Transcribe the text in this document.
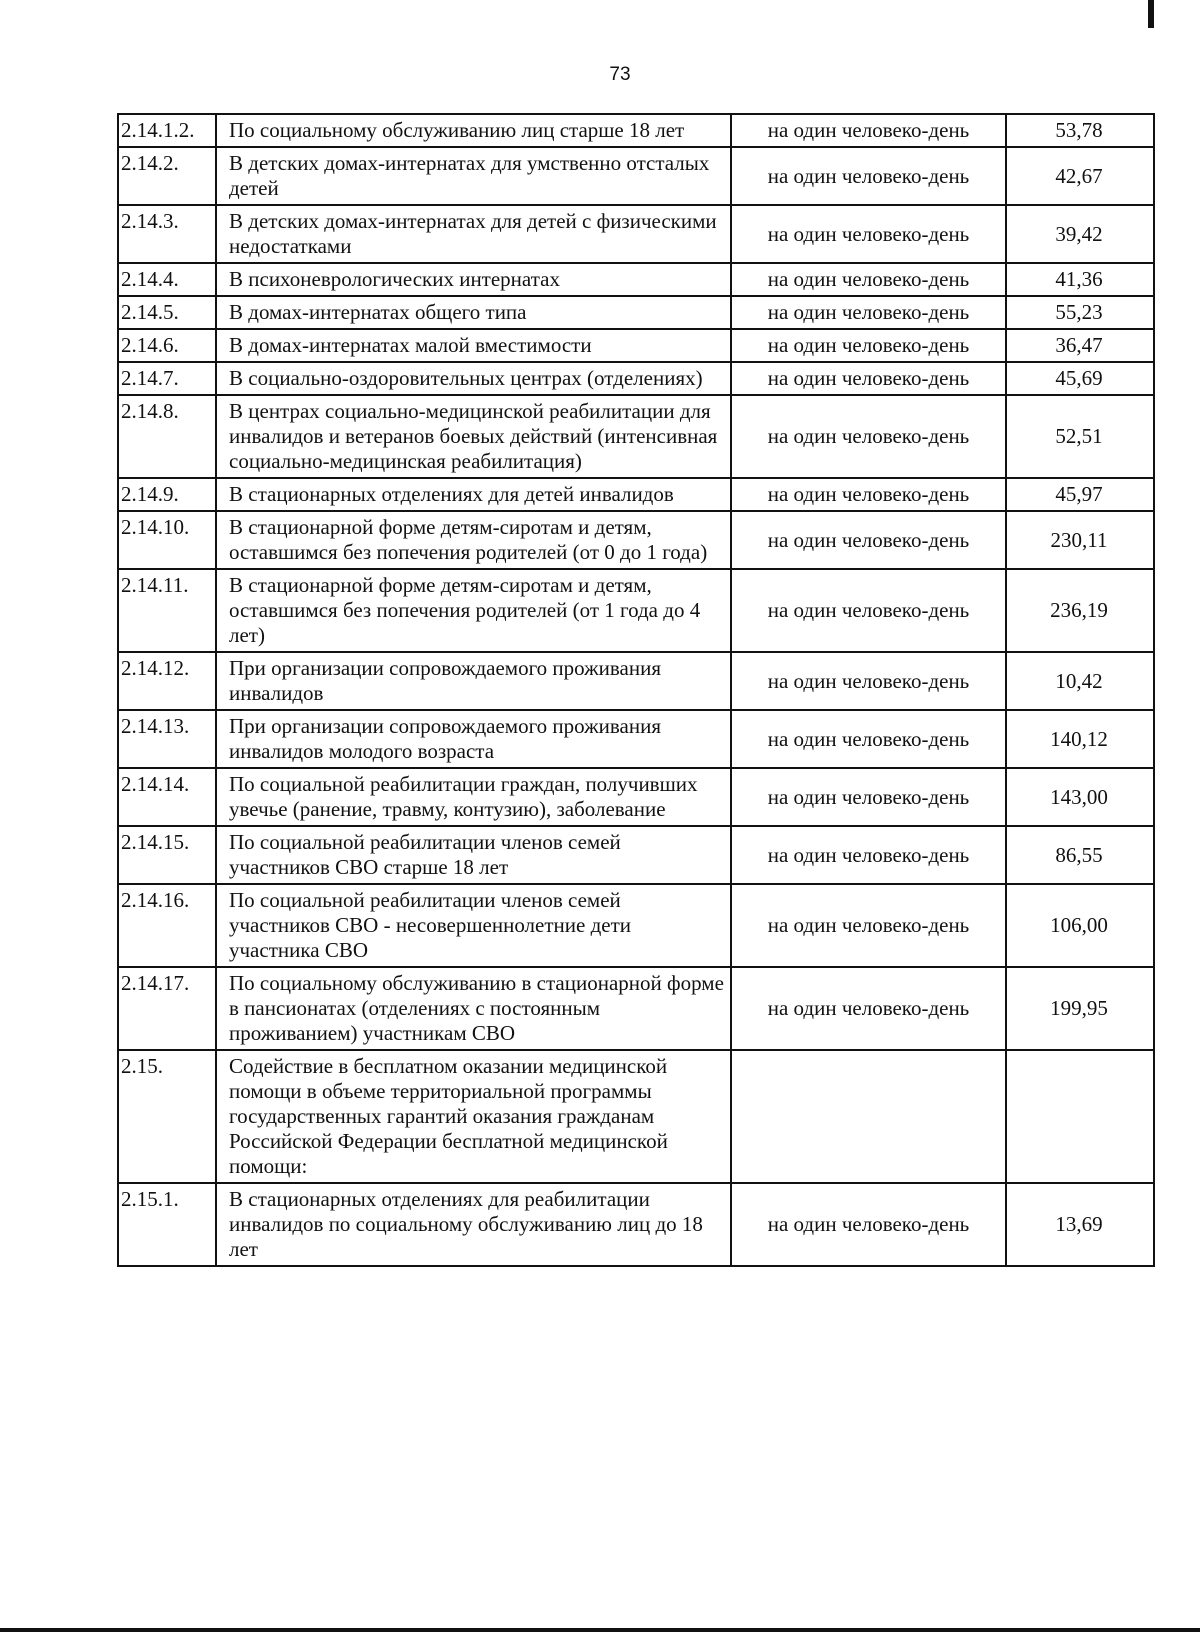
73
2.14.1.2.	По социальному обслуживанию лиц старше 18 лет	на один человеко-день	53,78
2.14.2.	В детских домах-интернатах для умственно отсталых детей	на один человеко-день	42,67
2.14.3.	В детских домах-интернатах для детей с физическими недостатками	на один человеко-день	39,42
2.14.4.	В психоневрологических интернатах	на один человеко-день	41,36
2.14.5.	В домах-интернатах общего типа	на один человеко-день	55,23
2.14.6.	В домах-интернатах малой вместимости	на один человеко-день	36,47
2.14.7.	В социально-оздоровительных центрах (отделениях)	на один человеко-день	45,69
2.14.8.	В центрах социально-медицинской реабилитации для инвалидов и ветеранов боевых действий (интенсивная социально-медицинская реабилитация)	на один человеко-день	52,51
2.14.9.	В стационарных отделениях для детей инвалидов	на один человеко-день	45,97
2.14.10.	В стационарной форме детям-сиротам и детям, оставшимся без попечения родителей (от 0 до 1 года)	на один человеко-день	230,11
2.14.11.	В стационарной форме детям-сиротам и детям, оставшимся без попечения родителей (от 1 года до 4 лет)	на один человеко-день	236,19
2.14.12.	При организации сопровождаемого проживания инвалидов	на один человеко-день	10,42
2.14.13.	При организации сопровождаемого проживания инвалидов молодого возраста	на один человеко-день	140,12
2.14.14.	По социальной реабилитации граждан, получивших увечье (ранение, травму, контузию), заболевание	на один человеко-день	143,00
2.14.15.	По социальной реабилитации членов семей участников СВО старше 18 лет	на один человеко-день	86,55
2.14.16.	По социальной реабилитации членов семей участников СВО - несовершеннолетние дети участника СВО	на один человеко-день	106,00
2.14.17.	По социальному обслуживанию в стационарной форме в пансионатах (отделениях с постоянным проживанием) участникам СВО	на один человеко-день	199,95
2.15.	Содействие в бесплатном оказании медицинской помощи в объеме территориальной программы государственных гарантий оказания гражданам Российской Федерации бесплатной медицинской помощи:		
2.15.1.	В стационарных отделениях для реабилитации инвалидов по социальному обслуживанию лиц до 18 лет	на один человеко-день	13,69
